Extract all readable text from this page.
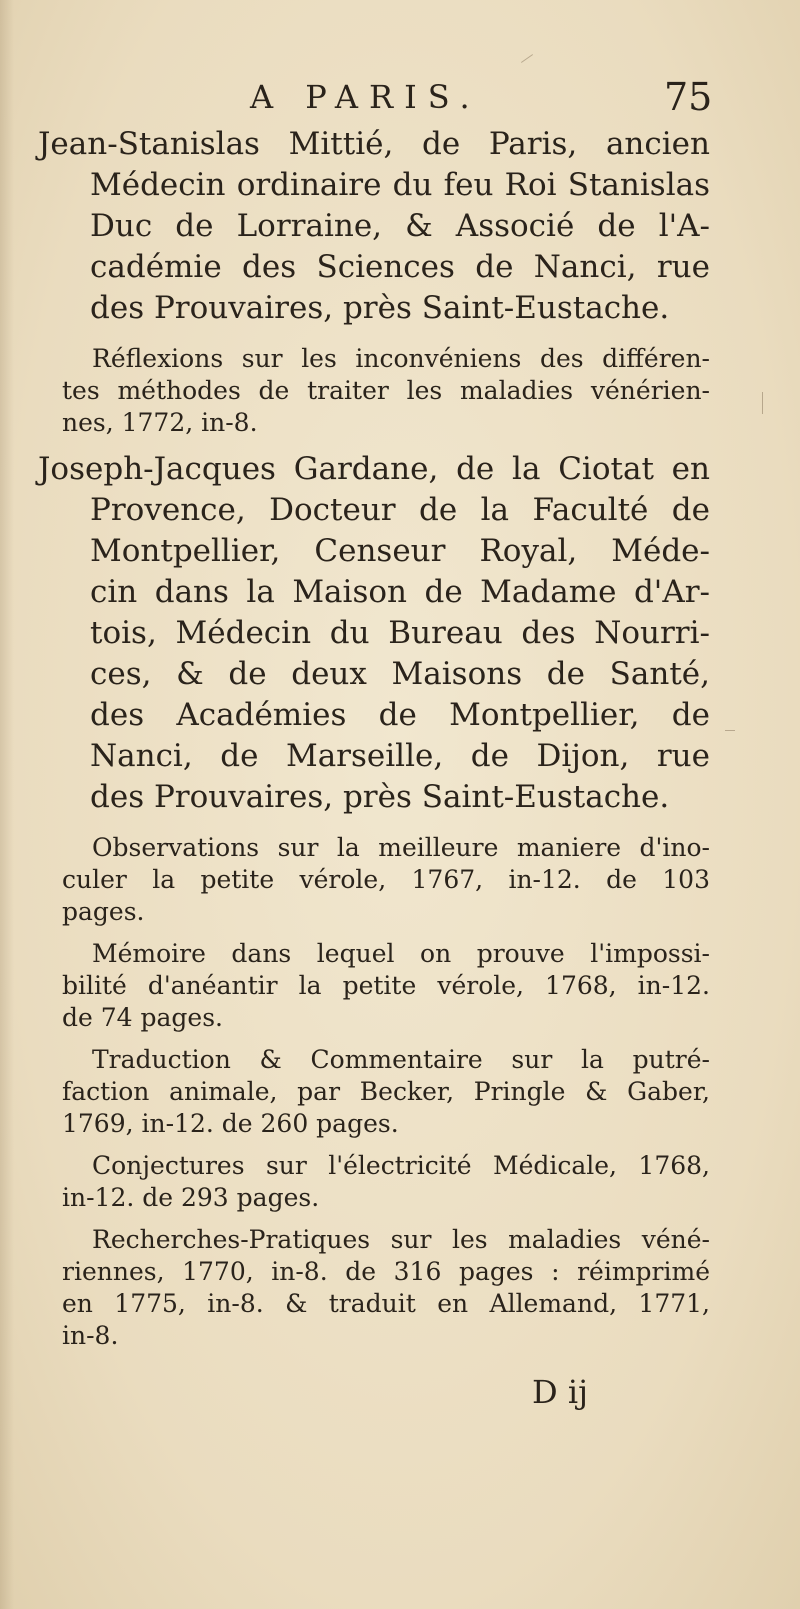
A PARIS.	75
Jean-Stanislas Mittié, de Paris, ancien
Médecin ordinaire du feu Roi Stanislas
Duc de Lorraine, & Associé de l'A-
cadémie des Sciences de Nanci, rue
des Prouvaires, près Saint-Eustache.
Réflexions sur les inconvéniens des différen-
tes méthodes de traiter les maladies vénérien-
nes, 1772, in-8.
Joseph-Jacques Gardane, de la Ciotat en
Provence, Docteur de la Faculté de
Montpellier, Censeur Royal, Méde-
cin dans la Maison de Madame d'Ar-
tois, Médecin du Bureau des Nourri-
ces, & de deux Maisons de Santé,
des Académies de Montpellier, de
Nanci, de Marseille, de Dijon, rue
des Prouvaires, près Saint-Eustache.
Observations sur la meilleure maniere d'ino-
culer la petite vérole, 1767, in-12. de 103
pages.
Mémoire dans lequel on prouve l'impossi-
bilité d'anéantir la petite vérole, 1768, in-12.
de 74 pages.
Traduction & Commentaire sur la putré-
faction animale, par Becker, Pringle & Gaber,
1769, in-12. de 260 pages.
Conjectures sur l'électricité Médicale, 1768,
in-12. de 293 pages.
Recherches-Pratiques sur les maladies véné-
riennes, 1770, in-8. de 316 pages : réimprimé
en 1775, in-8. & traduit en Allemand, 1771,
in-8.
D ij
